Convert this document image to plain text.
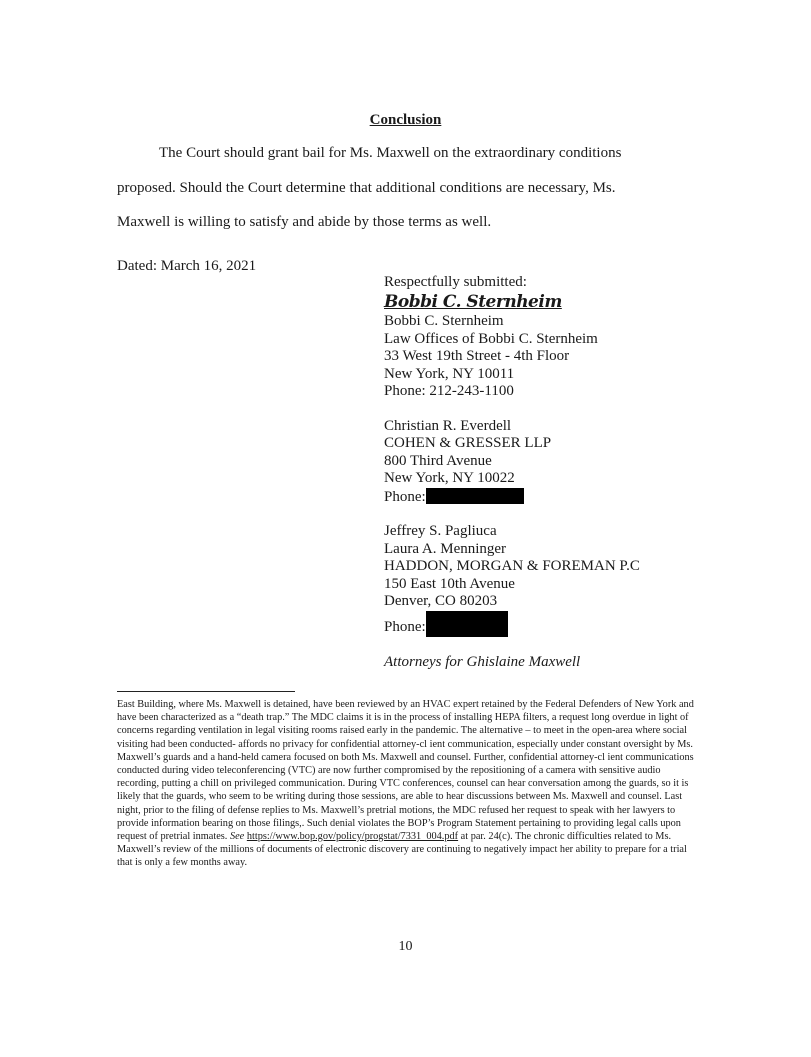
Conclusion
The Court should grant bail for Ms. Maxwell on the extraordinary conditions
proposed. Should the Court determine that additional conditions are necessary, Ms.
Maxwell is willing to satisfy and abide by those terms as well.
Dated: March 16, 2021
Respectfully submitted:
Bobbi C. Sternheim
Bobbi C. Sternheim
Law Offices of Bobbi C. Sternheim
33 West 19th Street - 4th Floor
New York, NY 10011
Phone: 212-243-1100
Christian R. Everdell
COHEN & GRESSER LLP
800 Third Avenue
New York, NY 10022
Phone:
Jeffrey S. Pagliuca
Laura A. Menninger
HADDON, MORGAN & FOREMAN P.C
150 East 10th Avenue
Denver, CO 80203
Phone:
Attorneys for Ghislaine Maxwell
East Building, where Ms. Maxwell is detained, have been reviewed by an HVAC expert retained by the Federal Defenders of New York and have been characterized as a “death trap.” The MDC claims it is in the process of installing HEPA filters, a request long overdue in light of concerns regarding ventilation in legal visiting rooms raised early in the pandemic. The alternative – to meet in the open-area where social visiting had been conducted- affords no privacy for confidential attorney-cl ient communication, especially under constant oversight by Ms. Maxwell’s guards and a hand-held camera focused on both Ms. Maxwell and counsel. Further, confidential attorney-cl ient communications conducted during video teleconferencing (VTC) are now further compromised by the repositioning of a camera with sensitive audio recording, putting a chill on privileged communication. During VTC conferences, counsel can hear conversation among the guards, so it is likely that the guards, who seem to be writing during those sessions, are able to hear discussions between Ms. Maxwell and counsel. Last night, prior to the filing of defense replies to Ms. Maxwell’s pretrial motions, the MDC refused her request to speak with her lawyers to provide information bearing on those filings,. Such denial violates the BOP’s Program Statement pertaining to providing legal calls upon request of pretrial inmates. See https://www.bop.gov/policy/progstat/7331_004.pdf at par. 24(c). The chronic difficulties related to Ms. Maxwell’s review of the millions of documents of electronic discovery are continuing to negatively impact her ability to prepare for a trial that is only a few months away.
10
